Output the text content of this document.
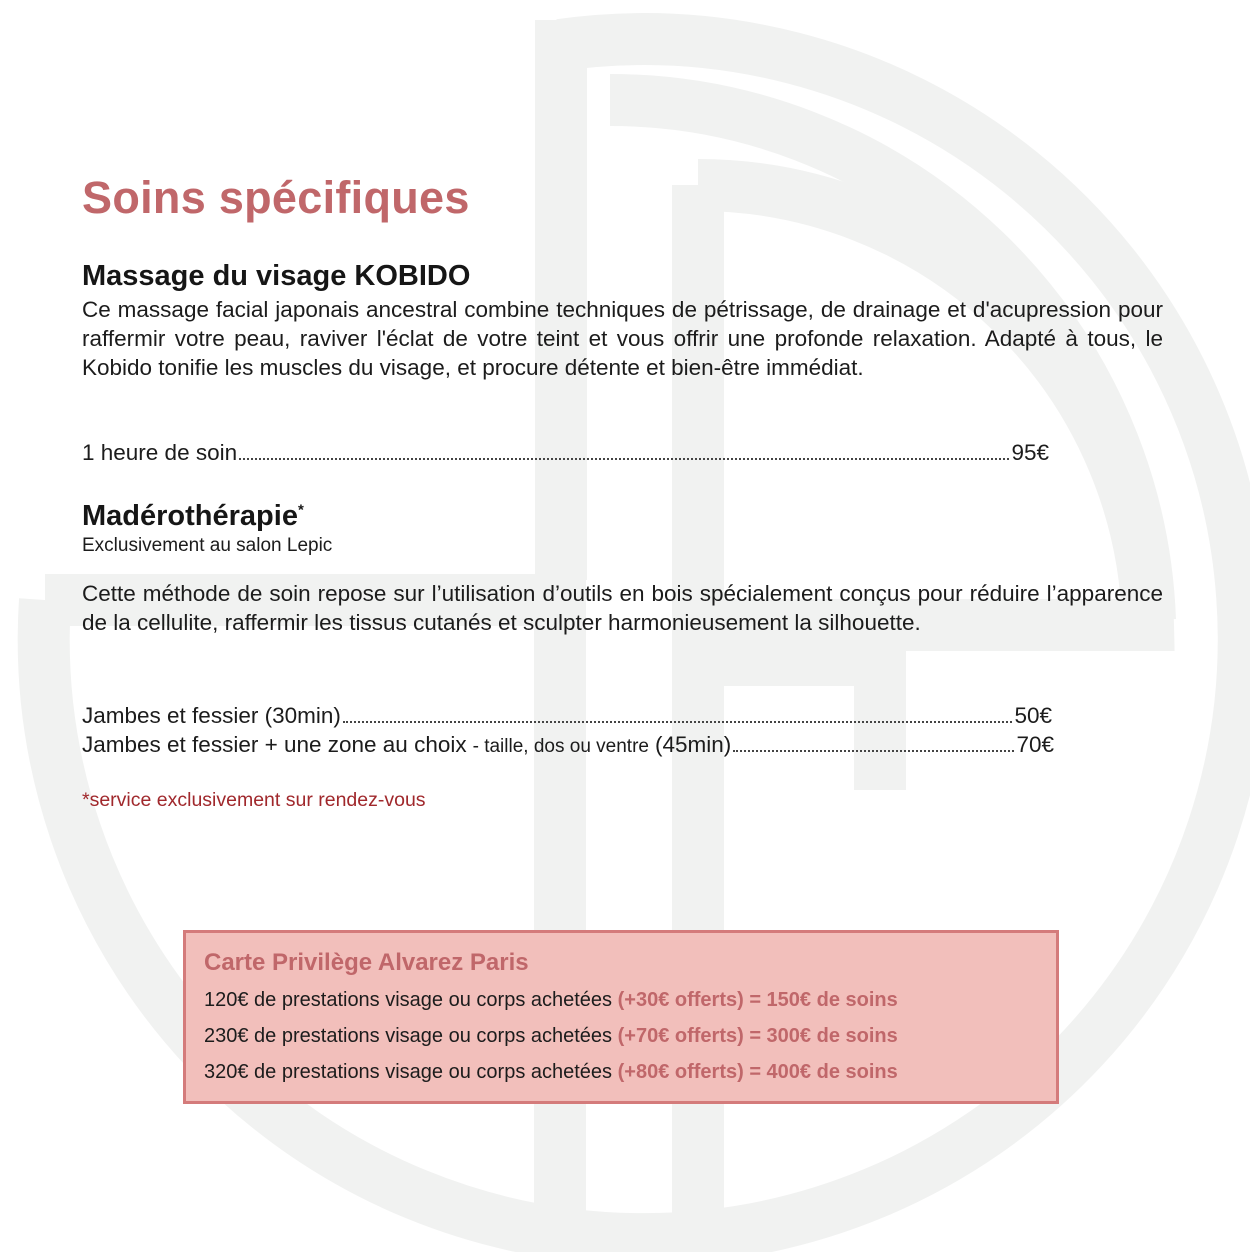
Soins spécifiques
Massage du visage KOBIDO

Ce massage facial japonais ancestral combine techniques de pétrissage, de drainage et d'acupression pour raffermir votre peau, raviver l'éclat de votre teint et vous offrir une profonde relaxation. Adapté à tous, le Kobido tonifie les muscles du visage, et procure détente et bien-être immédiat.

1 heure de soin	95€
Madérothérapie*

Exclusivement au salon Lepic

Cette méthode de soin repose sur l’utilisation d’outils en bois spécialement conçus pour réduire l’apparence de la cellulite, raffermir les tissus cutanés et sculpter harmonieusement la silhouette.

Jambes et fessier (30min)	50€
Jambes et fessier + une zone au choix - taille, dos ou ventre (45min)	70€

*service exclusivement sur rendez-vous

Carte Privilège Alvarez Paris

120€ de prestations visage ou corps achetées (+30€ offerts) = 150€ de soins
230€ de prestations visage ou corps achetées (+70€ offerts) = 300€ de soins
320€ de prestations visage ou corps achetées (+80€ offerts) = 400€ de soins
